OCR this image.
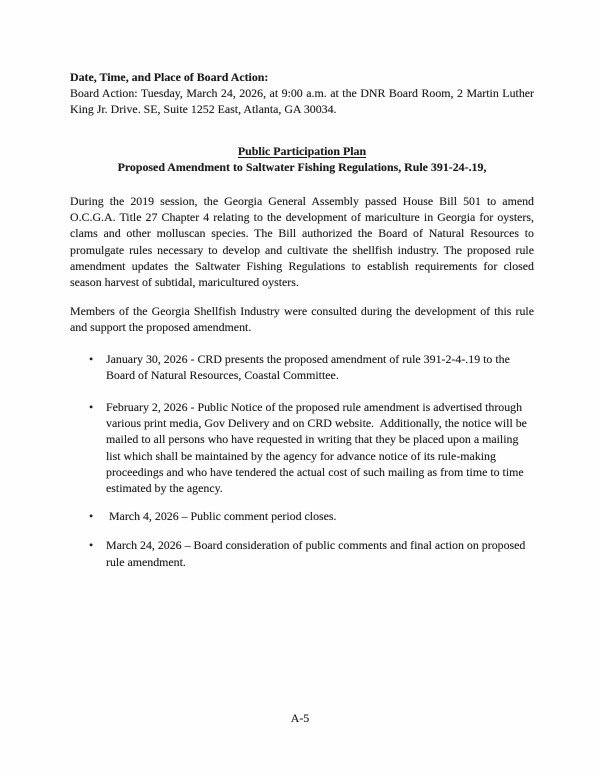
Date, Time, and Place of Board Action:

Board Action: Tuesday, March 24, 2026, at 9:00 a.m. at the DNR Board Room, 2 Martin Luther King Jr. Drive. SE, Suite 1252 East, Atlanta, GA 30034.

Public Participation Plan

Proposed Amendment to Saltwater Fishing Regulations, Rule 391-24-.19,

During the 2019 session, the Georgia General Assembly passed House Bill 501 to amend O.C.G.A. Title 27 Chapter 4 relating to the development of mariculture in Georgia for oysters, clams and other molluscan species. The Bill authorized the Board of Natural Resources to promulgate rules necessary to develop and cultivate the shellfish industry. The proposed rule amendment updates the Saltwater Fishing Regulations to establish requirements for closed season harvest of subtidal, maricultured oysters.

Members of the Georgia Shellfish Industry were consulted during the development of this rule and support the proposed amendment.

• January 30, 2026 - CRD presents the proposed amendment of rule 391-2-4-.19 to the Board of Natural Resources, Coastal Committee.
• February 2, 2026 - Public Notice of the proposed rule amendment is advertised through various print media, Gov Delivery and on CRD website.  Additionally, the notice will be mailed to all persons who have requested in writing that they be placed upon a mailing list which shall be maintained by the agency for advance notice of its rule-making proceedings and who have tendered the actual cost of such mailing as from time to time estimated by the agency.
• March 4, 2026 – Public comment period closes.
• March 24, 2026 – Board consideration of public comments and final action on proposed rule amendment.

A-5
